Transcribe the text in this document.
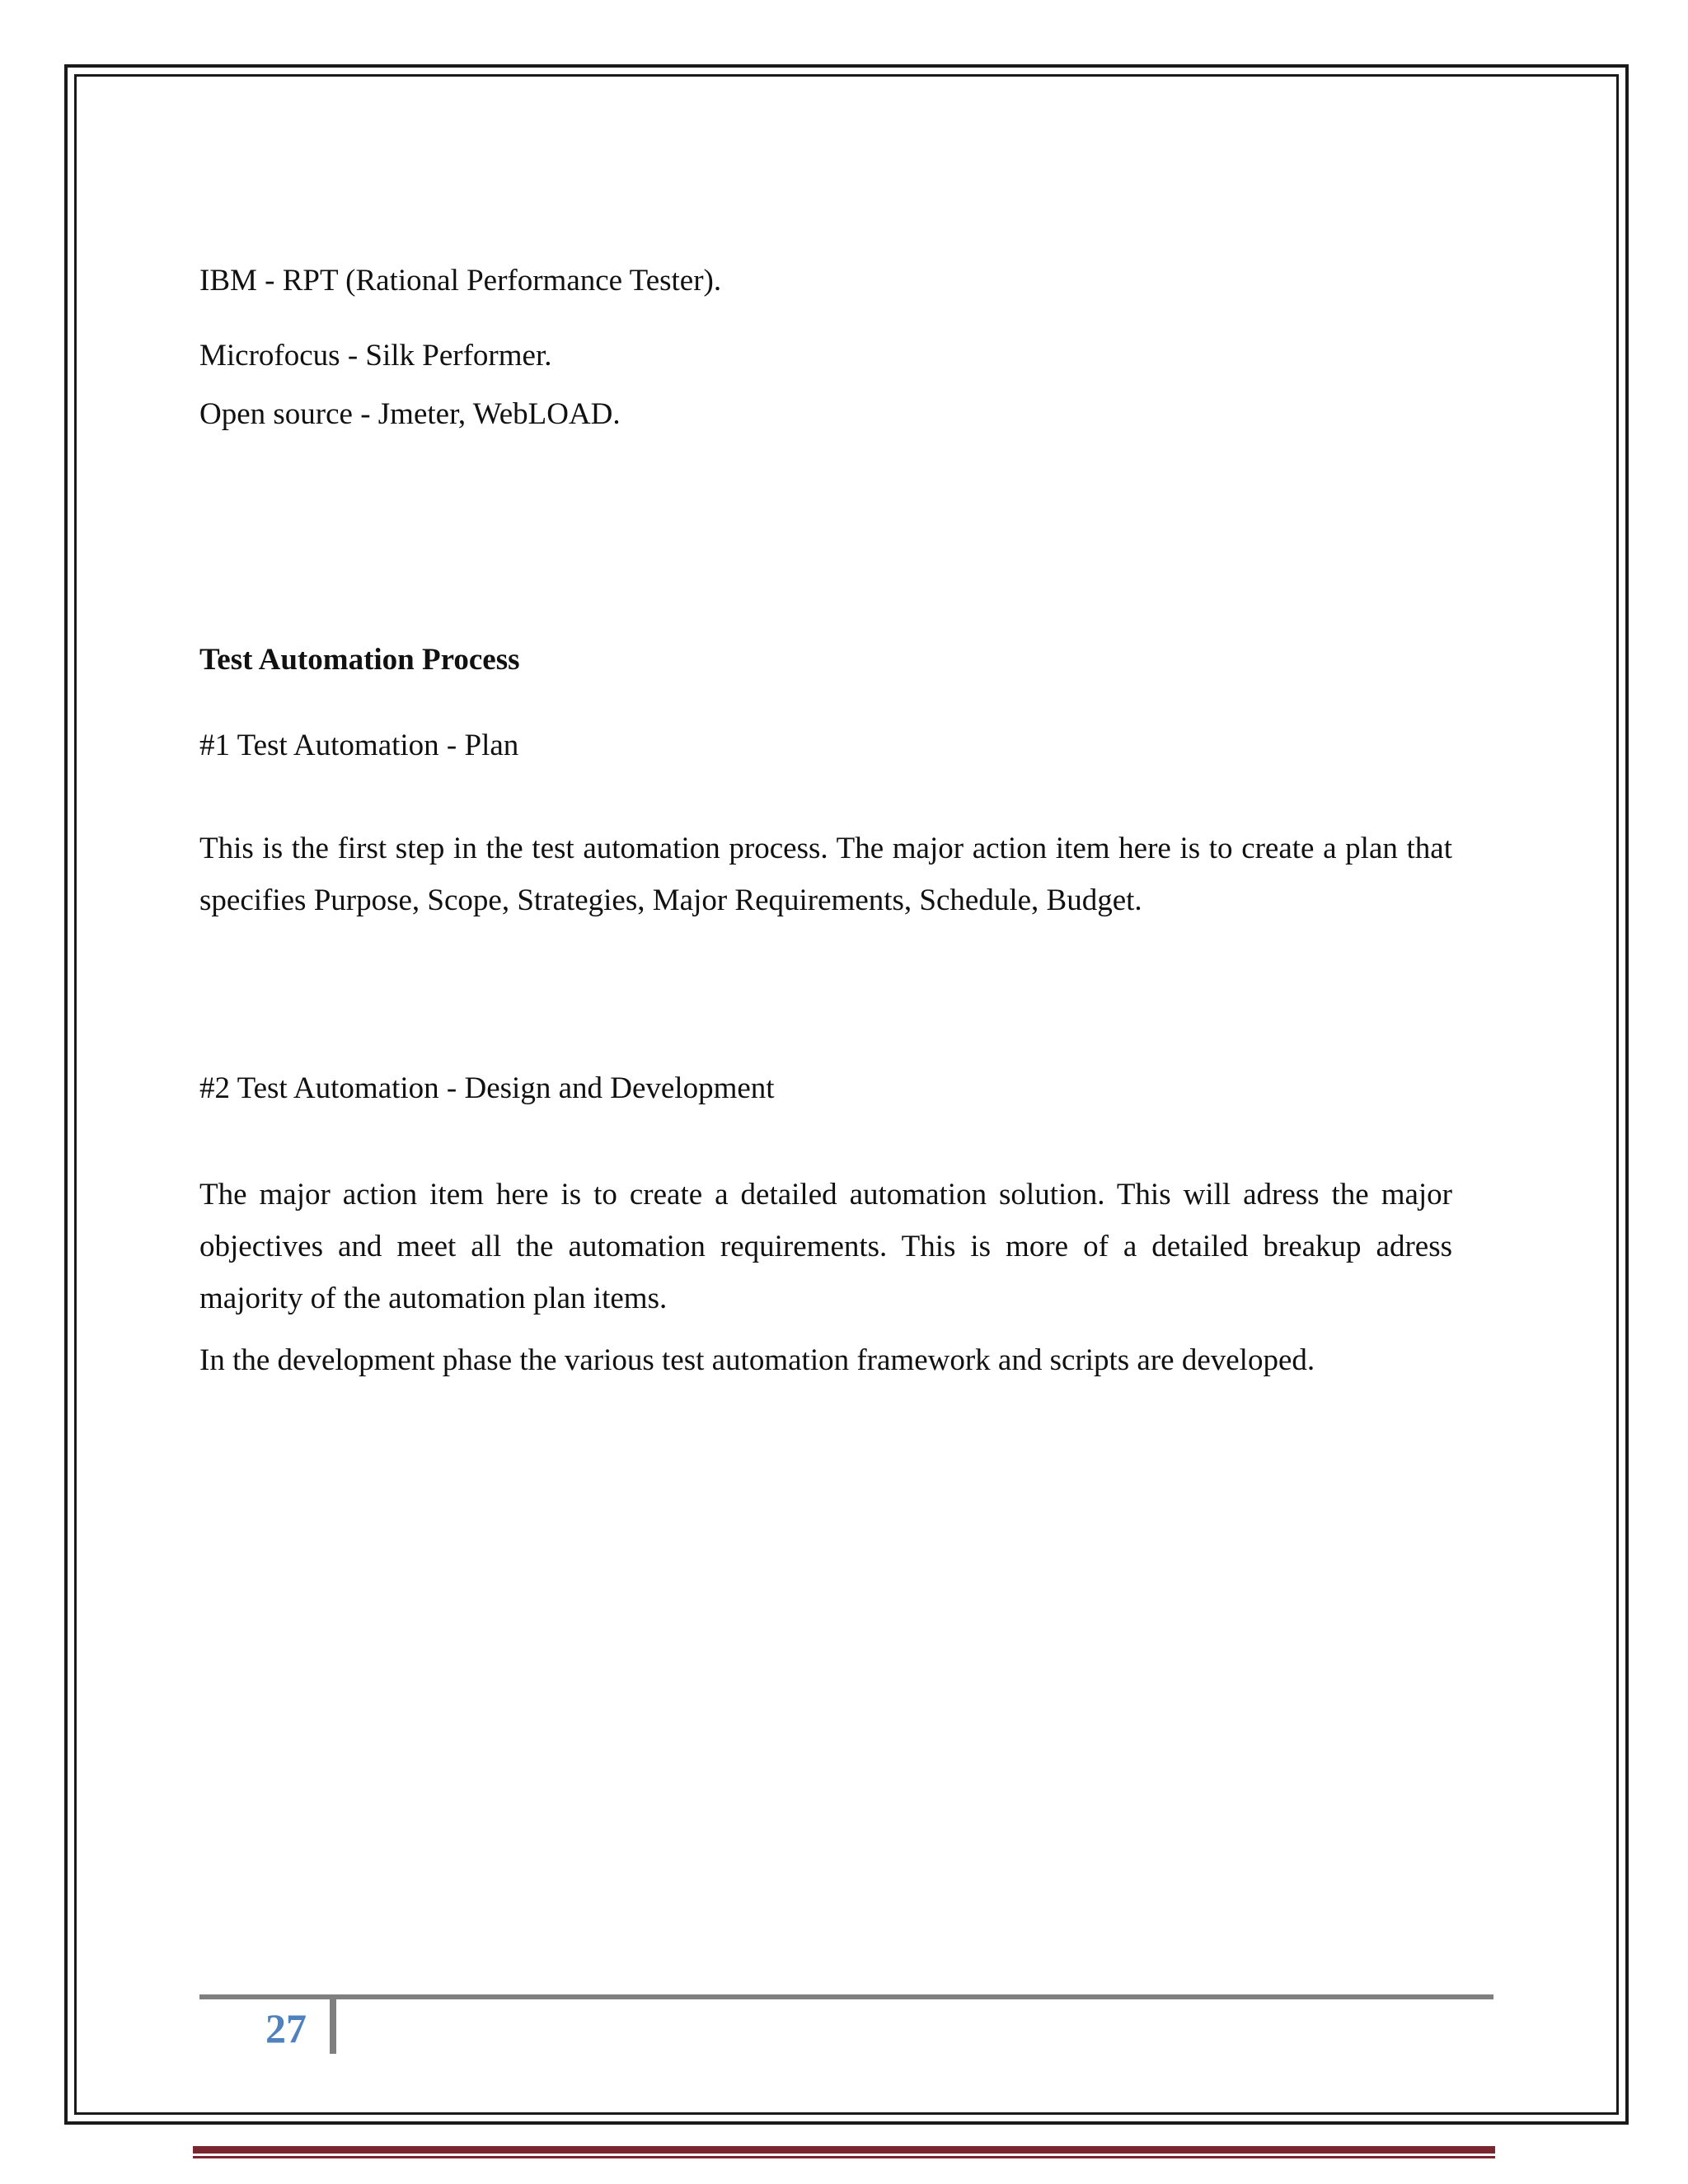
IBM - RPT (Rational Performance Tester).
Microfocus - Silk Performer.
Open source - Jmeter, WebLOAD.
Test Automation Process
#1 Test Automation - Plan
This is the first step in the test automation process. The major action item here is to create a plan that specifies Purpose, Scope, Strategies, Major Requirements, Schedule, Budget.
#2 Test Automation - Design and Development
The major action item here is to create a detailed automation solution. This will adress the major objectives and meet all the automation requirements. This is more of a detailed breakup adress majority of the automation plan items.
In the development phase the various test automation framework and scripts are developed.
27
